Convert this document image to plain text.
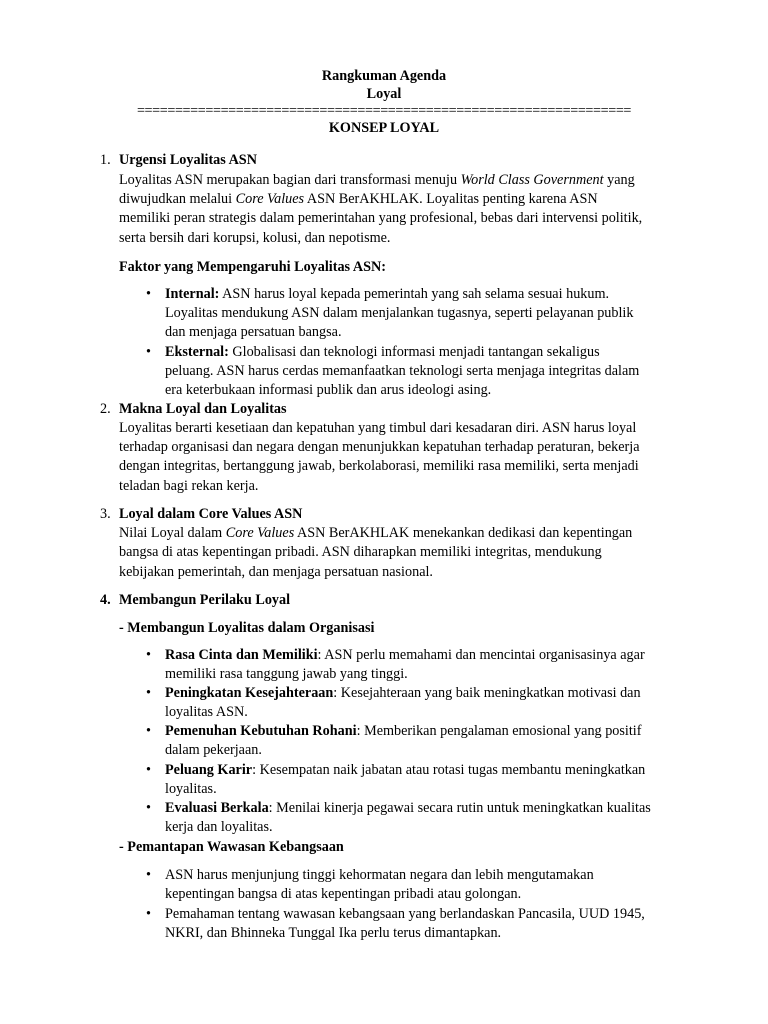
Rangkuman Agenda
Loyal
=================================================================
KONSEP LOYAL
1. Urgensi Loyalitas ASN
Loyalitas ASN merupakan bagian dari transformasi menuju World Class Government yang
diwujudkan melalui Core Values ASN BerAKHLAK. Loyalitas penting karena ASN
memiliki peran strategis dalam pemerintahan yang profesional, bebas dari intervensi politik,
serta bersih dari korupsi, kolusi, dan nepotisme.
Faktor yang Mempengaruhi Loyalitas ASN:
• Internal: ASN harus loyal kepada pemerintah yang sah selama sesuai hukum.
Loyalitas mendukung ASN dalam menjalankan tugasnya, seperti pelayanan publik
dan menjaga persatuan bangsa.
• Eksternal: Globalisasi dan teknologi informasi menjadi tantangan sekaligus
peluang. ASN harus cerdas memanfaatkan teknologi serta menjaga integritas dalam
era keterbukaan informasi publik dan arus ideologi asing.
2. Makna Loyal dan Loyalitas
Loyalitas berarti kesetiaan dan kepatuhan yang timbul dari kesadaran diri. ASN harus loyal
terhadap organisasi dan negara dengan menunjukkan kepatuhan terhadap peraturan, bekerja
dengan integritas, bertanggung jawab, berkolaborasi, memiliki rasa memiliki, serta menjadi
teladan bagi rekan kerja.
3. Loyal dalam Core Values ASN
Nilai Loyal dalam Core Values ASN BerAKHLAK menekankan dedikasi dan kepentingan
bangsa di atas kepentingan pribadi. ASN diharapkan memiliki integritas, mendukung
kebijakan pemerintah, dan menjaga persatuan nasional.
4. Membangun Perilaku Loyal
- Membangun Loyalitas dalam Organisasi
• Rasa Cinta dan Memiliki: ASN perlu memahami dan mencintai organisasinya agar
memiliki rasa tanggung jawab yang tinggi.
• Peningkatan Kesejahteraan: Kesejahteraan yang baik meningkatkan motivasi dan
loyalitas ASN.
• Pemenuhan Kebutuhan Rohani: Memberikan pengalaman emosional yang positif
dalam pekerjaan.
• Peluang Karir: Kesempatan naik jabatan atau rotasi tugas membantu meningkatkan
loyalitas.
• Evaluasi Berkala: Menilai kinerja pegawai secara rutin untuk meningkatkan kualitas
kerja dan loyalitas.
- Pemantapan Wawasan Kebangsaan
• ASN harus menjunjung tinggi kehormatan negara dan lebih mengutamakan
kepentingan bangsa di atas kepentingan pribadi atau golongan.
• Pemahaman tentang wawasan kebangsaan yang berlandaskan Pancasila, UUD 1945,
NKRI, dan Bhinneka Tunggal Ika perlu terus dimantapkan.
